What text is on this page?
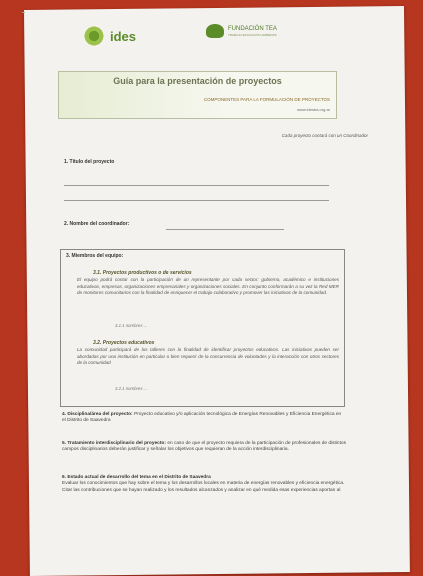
▬
ides	FUNDACIÓN TEA
TRABAJO EDUCACIÓN AMBIENTE
Guía para la presentación de proyectos
COMPONENTES PARA LA FORMULACIÓN DE PROYECTOS
www.idesba.org.ar
Cada proyecto contará con un Coordinador
1. Título del proyecto
2. Nombre del coordinador:
3. Miembros del equipo:
3.1. Proyectos productivos o de servicios
El equipo podrá contar con la participación de un representante por cada sector: gobierno, académico e instituciones educativas, empresas, organizaciones empresariales y organizaciones sociales. En conjunto conformarán a su vez la Red MER de monitores comunitarios con la finalidad de enriquecer el trabajo colaborativo y promover las iniciativas de la comunidad.
3.1.1 nombres ...
3.2. Proyectos educativos
La comunidad participará de los talleres con la finalidad de identificar proyectos educativos. Las iniciativas pueden ser abordadas por una institución en particular o bien requerir de la concurrencia de voluntades y la interacción con otros sectores de la comunidad
3.2.1 nombres ...
4. Disciplina/área del proyecto: Proyecto educativo y/o aplicación tecnológica de Energías Renovables y Eficiencia Energética en el Distrito de Saavedra
5. Tratamiento interdisciplinario del proyecto: en caso de que el proyecto requiera de la participación de profesionales de distintos campos disciplinarios deberán justificar y señalar los objetivos que requieran de la acción interdisciplinaria.
6. Estado actual de desarrollo del tema en el Distrito de Saavedra
Evaluar los conocimientos que hay sobre el tema y los desarrollos locales en materia de energías renovables y eficiencia energética. Citar las contribuciones que se hayan realizado y los resultados alcanzados y analizar en qué medida esas experiencias aportan al
